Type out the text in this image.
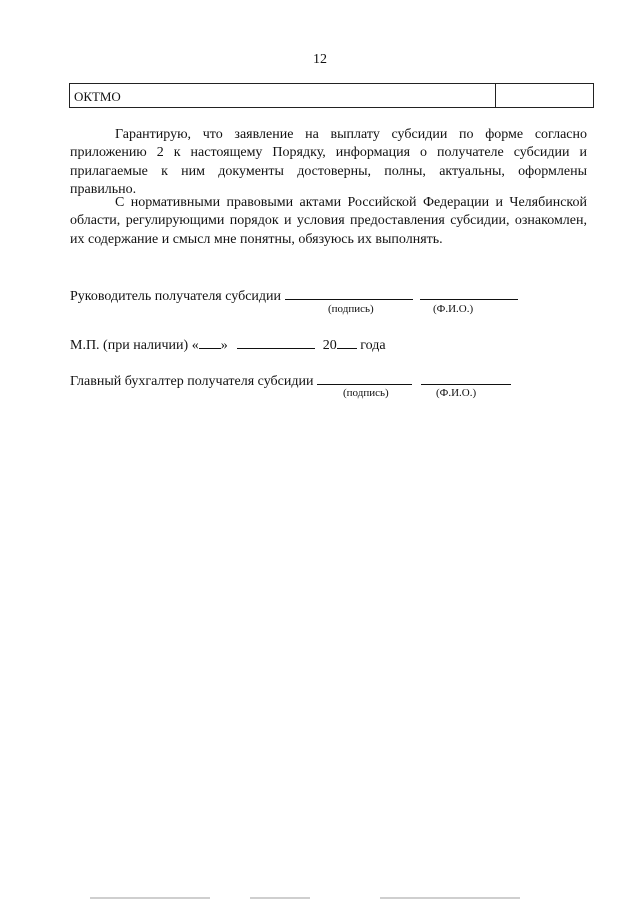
12
ОКТМО

Гарантирую, что заявление на выплату субсидии по форме согласно приложению 2 к настоящему Порядку, информация о получателе субсидии и прилагаемые к ним документы достоверны, полны, актуальны, оформлены правильно.

С нормативными правовыми актами Российской Федерации и Челябинской области, регулирующими порядок и условия предоставления субсидии, ознакомлен, их содержание и смысл мне понятны, обязуюсь их выполнять.

Руководитель получателя субсидии
(подпись)	(Ф.И.О.)
М.П. (при наличии) « »	20 года
Главный бухгалтер получателя субсидии
(подпись)	(Ф.И.О.)
